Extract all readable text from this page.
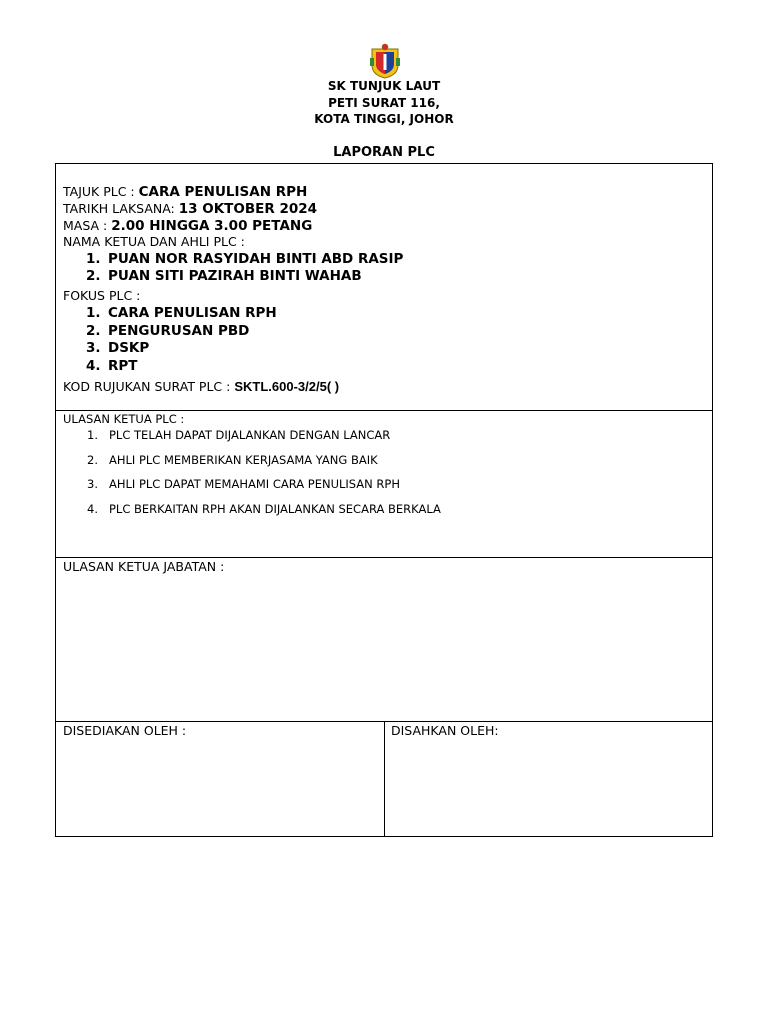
SK TUNJUK LAUT
PETI SURAT 116,
KOTA TINGGI, JOHOR
LAPORAN PLC
TAJUK PLC : CARA PENULISAN RPH
TARIKH LAKSANA: 13 OKTOBER 2024
MASA : 2.00 HINGGA 3.00 PETANG
NAMA KETUA DAN AHLI PLC :
1. PUAN NOR RASYIDAH BINTI ABD RASIP
2. PUAN SITI PAZIRAH BINTI WAHAB
FOKUS PLC :
1. CARA PENULISAN RPH
2. PENGURUSAN PBD
3. DSKP
4. RPT
KOD RUJUKAN SURAT PLC : SKTL.600-3/2/5( )
ULASAN KETUA PLC :
1. PLC TELAH DAPAT DIJALANKAN DENGAN LANCAR
2. AHLI PLC MEMBERIKAN KERJASAMA YANG BAIK
3. AHLI PLC DAPAT MEMAHAMI CARA PENULISAN RPH
4. PLC BERKAITAN RPH AKAN DIJALANKAN SECARA BERKALA
ULASAN KETUA JABATAN :
DISEDIAKAN OLEH :	DISAHKAN OLEH:
